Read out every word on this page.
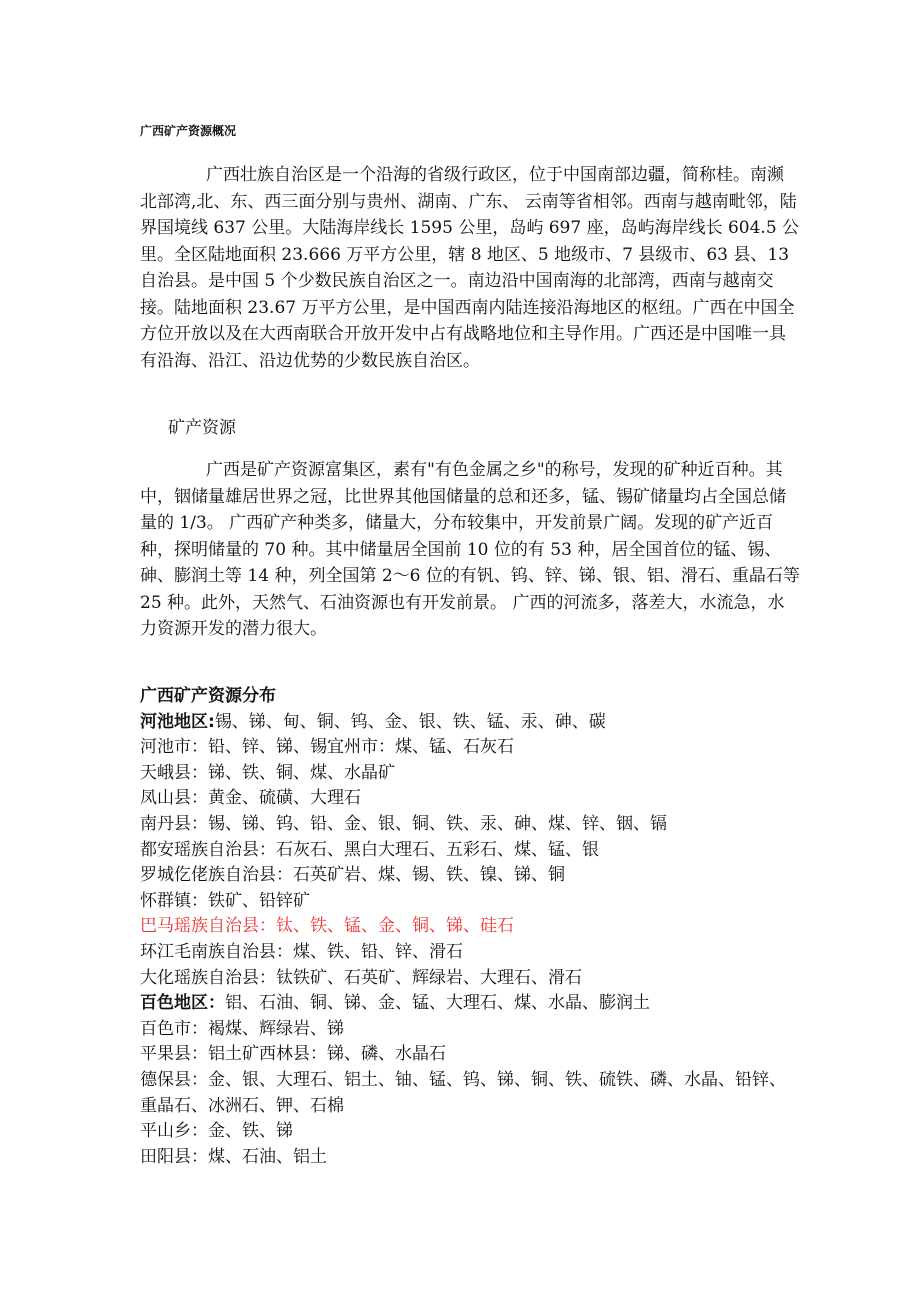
广西矿产资源概况

广西壮族自治区是一个沿海的省级行政区，位于中国南部边疆，简称桂。南濒北部湾,北、东、西三面分别与贵州、湖南、广东、 云南等省相邻。西南与越南毗邻，陆界国境线 637 公里。大陆海岸线长 1595 公里，岛屿 697 座，岛屿海岸线长 604.5 公里。全区陆地面积 23.666 万平方公里，辖 8 地区、5 地级市、7 县级市、63 县、13 自治县。是中国 5 个少数民族自治区之一。南边沿中国南海的北部湾，西南与越南交接。陆地面积 23.67 万平方公里，是中国西南内陆连接沿海地区的枢纽。广西在中国全方位开放以及在大西南联合开放开发中占有战略地位和主导作用。广西还是中国唯一具有沿海、沿江、沿边优势的少数民族自治区。

矿产资源

广西是矿产资源富集区，素有"有色金属之乡"的称号，发现的矿种近百种。其中，铟储量雄居世界之冠，比世界其他国储量的总和还多，锰、锡矿储量均占全国总储量的 1/3。 广西矿产种类多，储量大，分布较集中，开发前景广阔。发现的矿产近百种，探明储量的 70 种。其中储量居全国前 10 位的有 53 种，居全国首位的锰、锡、砷、膨润土等 14 种，列全国第 2～6 位的有钒、钨、锌、锑、银、铝、滑石、重晶石等 25 种。此外，天然气、石油资源也有开发前景。 广西的河流多，落差大，水流急，水力资源开发的潜力很大。

广西矿产资源分布
河池地区:锡、锑、甸、铜、钨、金、银、铁、锰、汞、砷、碳
河池市：铅、锌、锑、锡宜州市：煤、锰、石灰石
天峨县：锑、铁、铜、煤、水晶矿
凤山县：黄金、硫磺、大理石
南丹县：锡、锑、钨、铅、金、银、铜、铁、汞、砷、煤、锌、铟、镉
都安瑶族自治县：石灰石、黑白大理石、五彩石、煤、锰、银
罗城仡佬族自治县：石英矿岩、煤、锡、铁、镍、锑、铜
怀群镇：铁矿、铅锌矿
巴马瑶族自治县：钛、铁、锰、金、铜、锑、硅石
环江毛南族自治县：煤、铁、铅、锌、滑石
大化瑶族自治县：钛铁矿、石英矿、辉绿岩、大理石、滑石
百色地区：铝、石油、铜、锑、金、锰、大理石、煤、水晶、膨润土
百色市：褐煤、辉绿岩、锑
平果县：铝土矿西林县：锑、磷、水晶石
德保县：金、银、大理石、铝土、铀、锰、钨、锑、铜、铁、硫铁、磷、水晶、铅锌、重晶石、冰洲石、钾、石棉
平山乡：金、铁、锑
田阳县：煤、石油、铝土
